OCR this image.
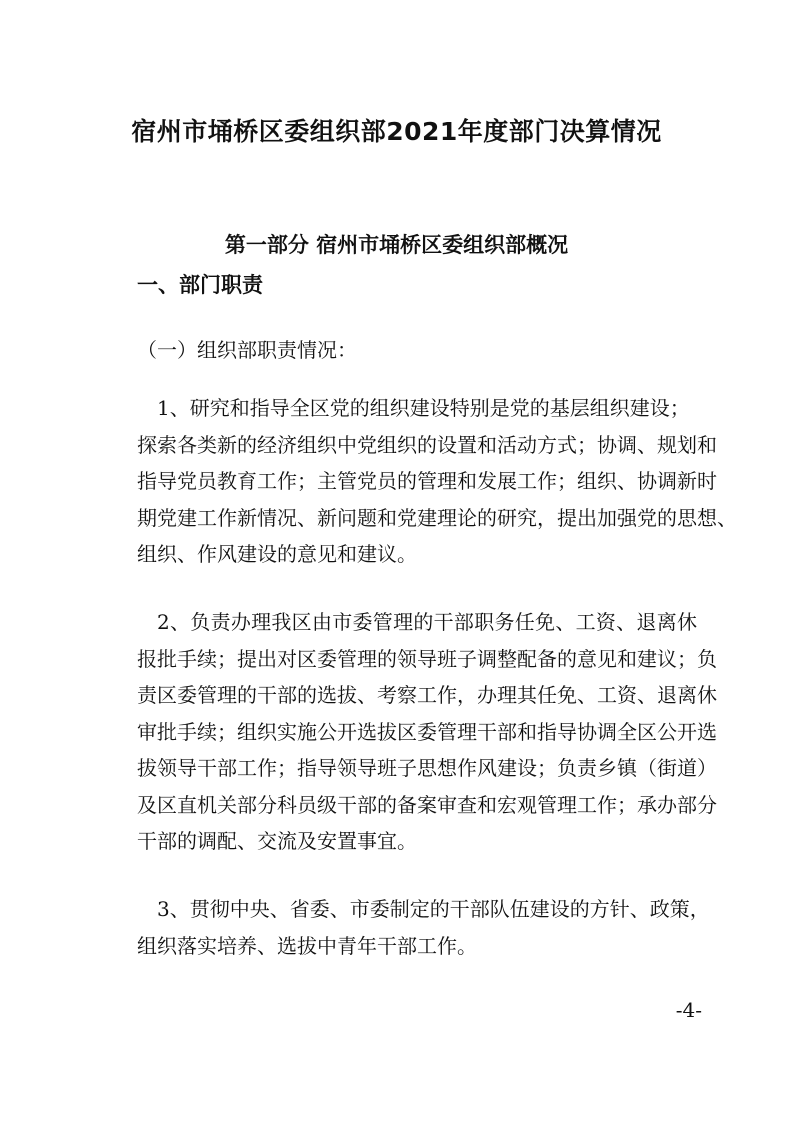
宿州市埇桥区委组织部2021年度部门决算情况
第一部分 宿州市埇桥区委组织部概况
一、部门职责
（一）组织部职责情况：
1、研究和指导全区党的组织建设特别是党的基层组织建设；
探索各类新的经济组织中党组织的设置和活动方式；协调、规划和
指导党员教育工作；主管党员的管理和发展工作；组织、协调新时
期党建工作新情况、新问题和党建理论的研究，提出加强党的思想、
组织、作风建设的意见和建议。
2、负责办理我区由市委管理的干部职务任免、工资、退离休
报批手续；提出对区委管理的领导班子调整配备的意见和建议；负
责区委管理的干部的选拔、考察工作，办理其任免、工资、退离休
审批手续；组织实施公开选拔区委管理干部和指导协调全区公开选
拔领导干部工作；指导领导班子思想作风建设；负责乡镇（街道）
及区直机关部分科员级干部的备案审查和宏观管理工作；承办部分
干部的调配、交流及安置事宜。
3、贯彻中央、省委、市委制定的干部队伍建设的方针、政策，
组织落实培养、选拔中青年干部工作。
-4-
